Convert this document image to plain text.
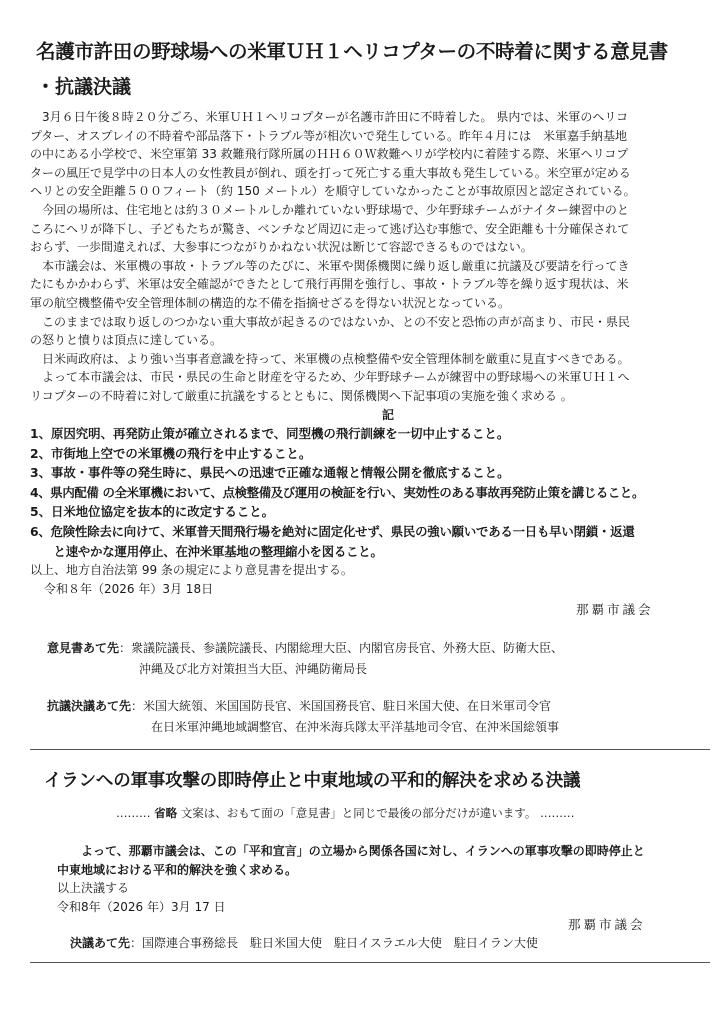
名護市許田の野球場への米軍ＵＨ１ヘリコプターの不時着に関する意見書
・抗議決議

3月６日午後８時２０分ごろ、米軍ＵＨ１ヘリコプターが名護市許田に不時着した。 県内では、米軍のヘリコ

プター、オスプレイの不時着や部品落下・トラブル等が相次いで発生している。昨年４月には　米軍嘉手納基地

の中にある小学校で、米空軍第 33 救難飛行隊所属のＨＨ６０Ｗ救難ヘリが学校内に着陸する際、米軍ヘリコプ

ターの風圧で見学中の日本人の女性教員が倒れ、頭を打って死亡する重大事故も発生している。米空軍が定める

ヘリとの安全距離５００フィート（約 150 メートル）を順守していなかったことが事故原因と認定されている。

今回の場所は、住宅地とは約３０メートルしか離れていない野球場で、少年野球チームがナイター練習中のと

ころにヘリが降下し、子どもたちが驚き、ベンチなど周辺に走って逃げ込む事態で、安全距離も十分確保されて

おらず、一歩間違えれば、大参事につながりかねない状況は断じて容認できるものではない。

本市議会は、米軍機の事故・トラブル等のたびに、米軍や関係機関に繰り返し厳重に抗議及び要請を行ってき

たにもかかわらず、米軍は安全確認ができたとして飛行再開を強行し、事故・トラブル等を繰り返す現状は、米

軍の航空機整備や安全管理体制の構造的な不備を指摘せざるを得ない状況となっている。

このままでは取り返しのつかない重大事故が起きるのではないか、との不安と恐怖の声が高まり、市民・県民

の怒りと憤りは頂点に達している。

日米両政府は、より強い当事者意識を持って、米軍機の点検整備や安全管理体制を厳重に見直すべきである。

よって本市議会は、市民・県民の生命と財産を守るため、少年野球チームが練習中の野球場への米軍ＵＨ１へ

リコプターの不時着に対して厳重に抗議をするとともに、関係機関へ下記事項の実施を強く求める 。

記
1、原因究明、再発防止策が確立されるまで、同型機の飛行訓練を一切中止すること。
2、市街地上空での米軍機の飛行を中止すること。
3、事故・事件等の発生時に、県民への迅速で正確な通報と情報公開を徹底すること。
4、県内配備 の全米軍機において、点検整備及び運用の検証を行い、実効性のある事故再発防止策を講じること。
5、日米地位協定を抜本的に改定すること。
6、危険性除去に向けて、米軍普天間飛行場を絶対に固定化せず、県民の強い願いである一日も早い閉鎖・返還
と速やかな運用停止、在沖米軍基地の整理縮小を図ること。
以上、地方自治法第 99 条の規定により意見書を提出する。
令和８年（2026 年）3月 18日
那覇市議会
意見書あて先：衆議院議長、参議院議長、内閣総理大臣、内閣官房長官、外務大臣、防衛大臣、
沖縄及び北方対策担当大臣、沖縄防衛局長
抗議決議あて先：米国大統領、米国国防長官、米国国務長官、駐日米国大使、在日米軍司令官
在日米軍沖縄地域調整官、在沖米海兵隊太平洋基地司令官、在沖米国総領事
イランへの軍事攻撃の即時停止と中東地域の平和的解決を求める決議
……… 省略 文案は、おもて面の「意見書」と同じで最後の部分だけが違います。 ………
よって、那覇市議会は、この「平和宣言」の立場から関係各国に対し、イランへの軍事攻撃の即時停止と
中東地域における平和的解決を強く求める。
以上決議する
令和8年（2026 年）3月 17 日
那覇市議会
決議あて先：国際連合事務総長　駐日米国大使　駐日イスラエル大使　駐日イラン大使
